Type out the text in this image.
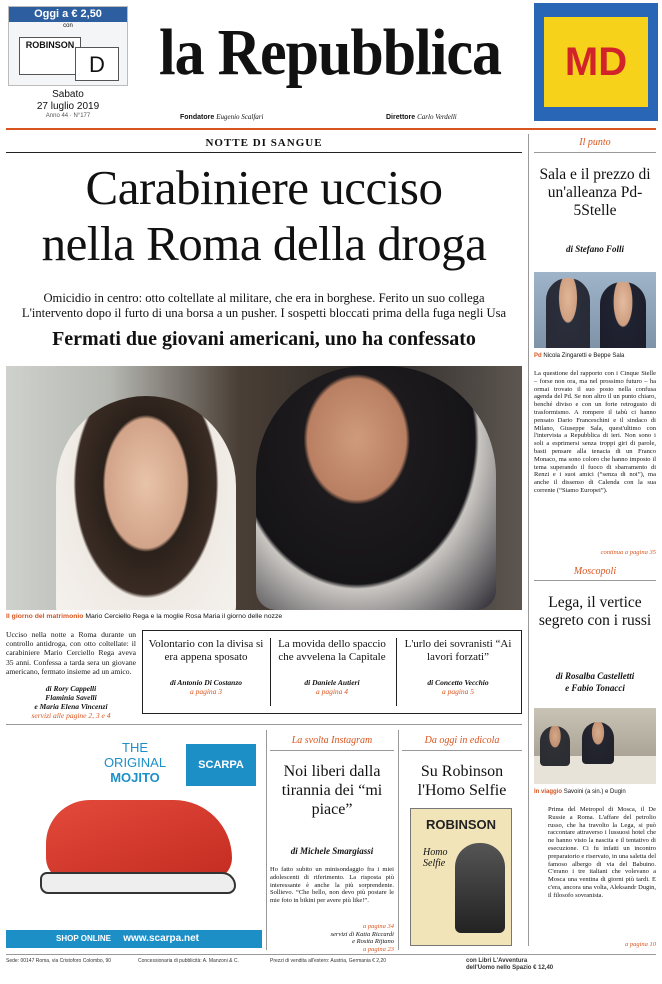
Oggi a € 2,50
con
ROBINSON
D
Sabato
27 luglio 2019
Anno 44 · N°177
la Repubblica
Fondatore Eugenio Scalfari	Direttore Carlo Verdelli
MD
NOTTE DI SANGUE
Carabiniere ucciso
nella Roma della droga
Omicidio in centro: otto coltellate al militare, che era in borghese. Ferito un suo collega
L'intervento dopo il furto di una borsa a un pusher. I sospetti bloccati prima della fuga negli Usa
Fermati due giovani americani, uno ha confessato
Il giorno del matrimonio Mario Cerciello Rega e la moglie Rosa Maria il giorno delle nozze
Ucciso nella notte a Roma durante un controllo antidroga, con otto coltellate: il carabiniere Mario Cerciello Rega aveva 35 anni. Confessa a tarda sera un giovane americano, fermato insieme ad un amico.
di Rory Cappelli
Flaminia Savelli
e Maria Elena Vincenzi
servizi alle pagine 2, 3 e 4
Volontario con la divisa si era appena sposato
di Antonio Di Costanzo
a pagina 3
La movida dello spaccio che avvelena la Capitale
di Daniele Autieri
a pagina 4
L'urlo dei sovranisti “Ai lavori forzati”
di Concetto Vecchio
a pagina 5
Il punto
Sala e il prezzo di un'alleanza Pd-5Stelle
di Stefano Folli
Pd Nicola Zingaretti e Beppe Sala
La questione del rapporto con i Cinque Stelle – forse non ora, ma nel prossimo futuro – ha ormai trovato il suo posto nella confusa agenda del Pd. Se non altro il un punto chiaro, benché diviso e con un forte retrogusto di trasformismo. A rompere il tabù ci hanno pensato Dario Franceschini e il sindaco di Milano, Giuseppe Sala, quest'ultimo con l'intervista a Repubblica di ieri. Non sono i soli a esprimersi senza troppi giri di parole, basti pensare alla tenacia di un Franco Monaco, ma sono coloro che hanno imposto il tema superando il fuoco di sbarramento di Renzi e i suoi amici (“senza di noi”), ma anche il dissenso di Calenda con la sua corrente (“Siamo Europei”).
continua a pagina 35
Moscopoli
Lega, il vertice segreto con i russi
di Rosalba Castelletti
e Fabio Tonacci
In viaggio Savoini (a sin.) e Dugin
Prima del Metropol di Mosca, il De Russie a Roma. L'affare del petrolio russo, che ha travolto la Lega, si può raccontare attraverso i lussuosi hotel che ne hanno visto la nascita e il tentativo di esecuzione. Ci fu infatti un incontro preparatorio e riservato, in una saletta del famoso albergo di via del Babuino. C'erano i tre italiani che volevano a Mosca una ventina di giorni più tardi. E c'era, ancora una volta, Aleksandr Dugin, il filosofo sovranista.
a pagina 10
THE
ORIGINAL
MOJITO
SCARPA
SHOP ONLINE www.scarpa.net
La svolta Instagram
Noi liberi dalla tirannia dei “mi piace”
di Michele Smargiassi
Ho fatto subito un minisondaggio fra i miei adolescenti di riferimento. La risposta più interessante è anche la più sorprendente. Sollievo. “Che bello, non devo più postare le mie foto in bikini per avere più like!”.
a pagina 34
servizi di Katia Riccardi
e Rosita Rijtano
a pagina 23
Da oggi in edicola
Su Robinson l'Homo Selfie
ROBINSON
Homo Selfie
Sede: 00147 Roma, via Cristoforo Colombo, 90	Concessionaria di pubblicità: A. Manzoni & C.	Prezzi di vendita all'estero: Austria, Germania € 2,20	con Libri L'Avventura
dell'Uomo nello Spazio € 12,40
